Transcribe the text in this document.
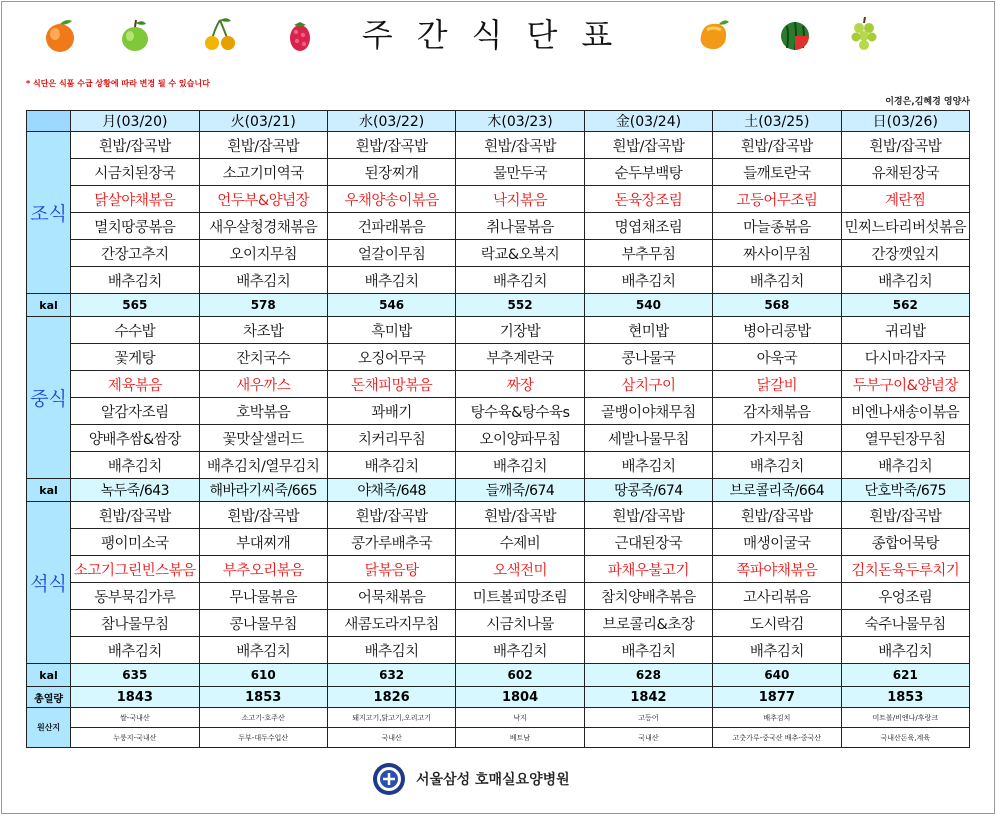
주간식단표
* 식단은 식품 수급 상황에 따라 변경 될 수 있습니다
이경은,김혜경 영양사
	月(03/20)	火(03/21)	水(03/22)	木(03/23)	金(03/24)	土(03/25)	日(03/26)
조식	흰밥/잡곡밥	흰밥/잡곡밥	흰밥/잡곡밥	흰밥/잡곡밥	흰밥/잡곡밥	흰밥/잡곡밥	흰밥/잡곡밥
	시금치된장국	소고기미역국	된장찌개	물만두국	순두부백탕	들깨토란국	유채된장국
	닭살야채볶음	언두부&양념장	우채양송이볶음	낙지볶음	돈육장조림	고등어무조림	계란찜
	멸치땅콩볶음	새우살청경채볶음	건파래볶음	취나물볶음	명엽채조림	마늘종볶음	민찌느타리버섯볶음
	간장고추지	오이지무침	얼갈이무침	락교&오복지	부추무침	짜사이무침	간장깻잎지
	배추김치	배추김치	배추김치	배추김치	배추김치	배추김치	배추김치
kal	565	578	546	552	540	568	562
중식	수수밥	차조밥	흑미밥	기장밥	현미밥	병아리콩밥	귀리밥
	꽃게탕	잔치국수	오징어무국	부추계란국	콩나물국	아욱국	다시마감자국
	제육볶음	새우까스	돈채피망볶음	짜장	삼치구이	닭갈비	두부구이&양념장
	알감자조림	호박볶음	꽈배기	탕수육&탕수육s	골뱅이야채무침	감자채볶음	비엔나새송이볶음
	양배추쌈&쌈장	꽃맛살샐러드	치커리무침	오이양파무침	세발나물무침	가지무침	열무된장무침
	배추김치	배추김치/열무김치	배추김치	배추김치	배추김치	배추김치	배추김치
kal	녹두죽/643	해바라기씨죽/665	야채죽/648	들깨죽/674	땅콩죽/674	브로콜리죽/664	단호박죽/675
석식	흰밥/잡곡밥	흰밥/잡곡밥	흰밥/잡곡밥	흰밥/잡곡밥	흰밥/잡곡밥	흰밥/잡곡밥	흰밥/잡곡밥
	팽이미소국	부대찌개	콩가루배추국	수제비	근대된장국	매생이굴국	종합어묵탕
	소고기그린빈스볶음	부추오리볶음	닭볶음탕	오색전미	파채우불고기	쪽파야채볶음	김치돈육두루치기
	동부묵김가루	무나물볶음	어묵채볶음	미트볼피망조림	참치양배추볶음	고사리볶음	우엉조림
	참나물무침	콩나물무침	새콤도라지무침	시금치나물	브로콜리&초장	도시락김	숙주나물무침
	배추김치	배추김치	배추김치	배추김치	배추김치	배추김치	배추김치
kal	635	610	632	602	628	640	621
총열량	1843	1853	1826	1804	1842	1877	1853
원산지	쌀-국내산	소고기-호주산	돼지고기,닭고기,오리고기	낙지	고등어	배추김치	미트볼/비엔나/후랑크
	누룽지-국내산	두부-대두수입산	국내산	베트남	국내산	고춧가루-중국산 배추-중국산	국내산돈육,계육
서울삼성 호매실요양병원
